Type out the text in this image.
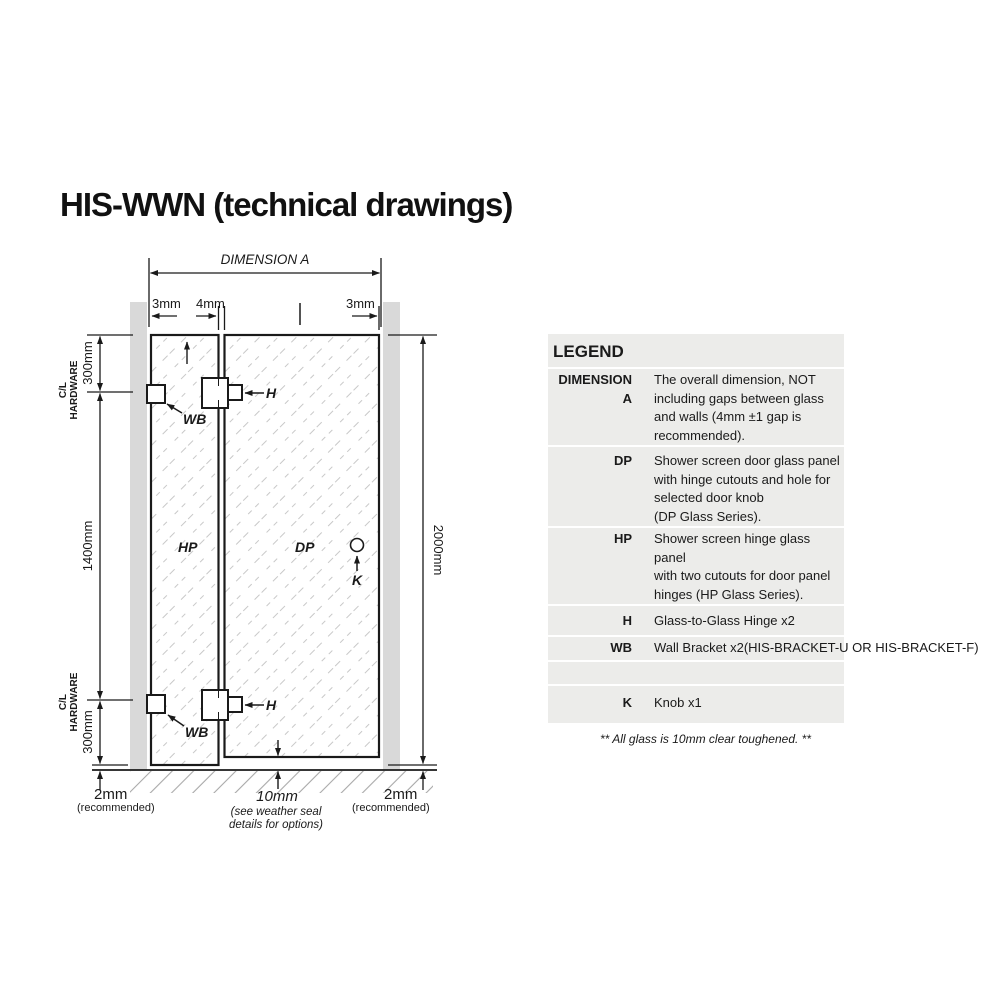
HIS-WWN (technical drawings)
DIMENSION A
3mm 4mm	3mm
300mm
1400mm
300mm
C/L HARDWARE
C/L HARDWARE
2000mm
HP	DP
H
H
WB
WB
K
10mm
(see weather seal
details for options)
2mm
(recommended)
2mm
(recommended)
LEGEND
DIMENSION A
The overall dimension, NOT
including gaps between glass
and walls (4mm ±1 gap is
recommended).
DP Shower screen door glass panel
with hinge cutouts and hole for
selected door knob
(DP Glass Series).
HP Shower screen hinge glass panel
with two cutouts for door panel
hinges (HP Glass Series).
H Glass-to-Glass Hinge x2
WB Wall Bracket x2(HIS-BRACKET-U OR HIS-BRACKET-F)
K Knob x1
** All glass is 10mm clear toughened. **
